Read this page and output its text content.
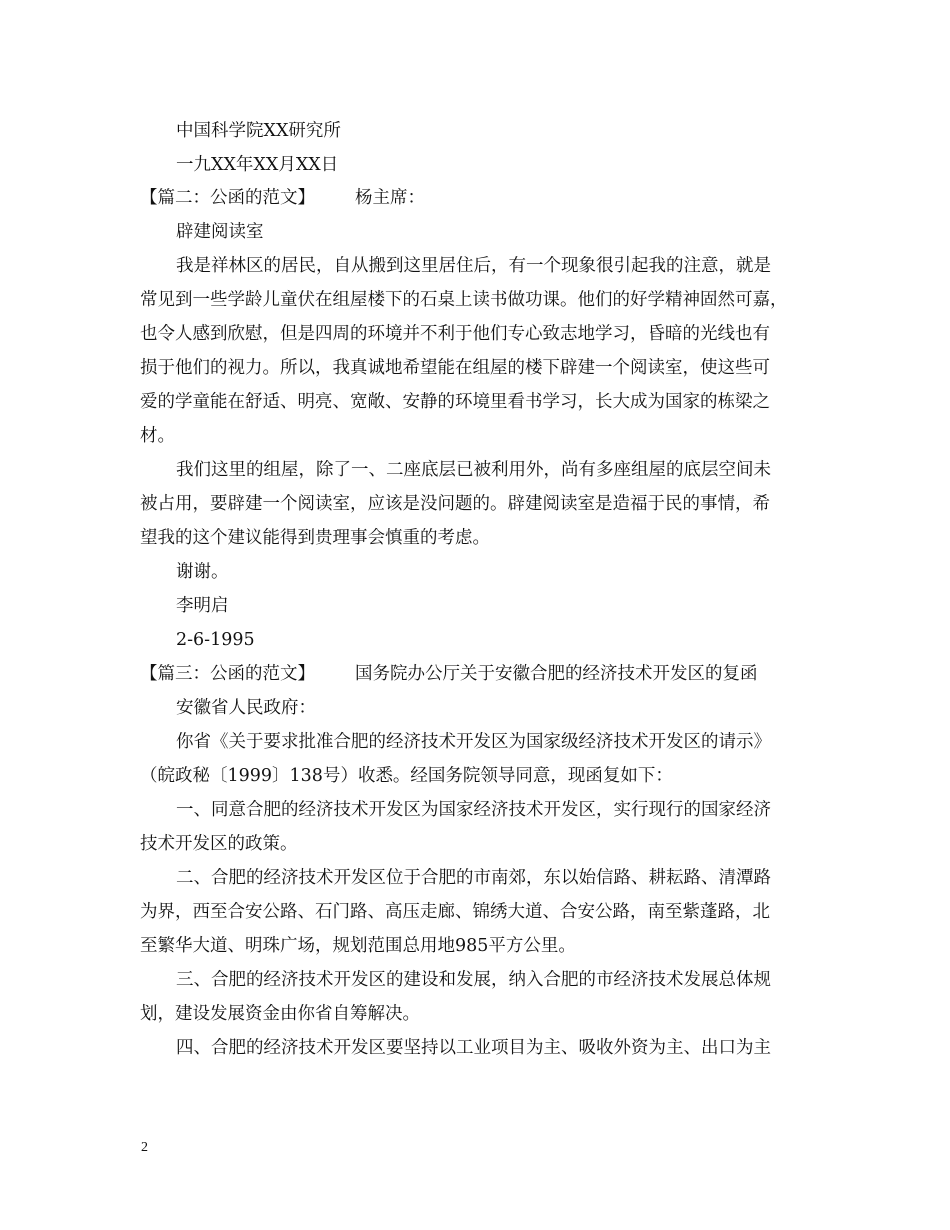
中国科学院XX研究所
一九XX年XX月XX日
【篇二：公函的范文】 杨主席：
辟建阅读室
我是祥林区的居民，自从搬到这里居住后，有一个现象很引起我的注意，就是
常见到一些学龄儿童伏在组屋楼下的石桌上读书做功课。他们的好学精神固然可嘉，
也令人感到欣慰，但是四周的环境并不利于他们专心致志地学习，昏暗的光线也有
损于他们的视力。所以，我真诚地希望能在组屋的楼下辟建一个阅读室，使这些可
爱的学童能在舒适、明亮、宽敞、安静的环境里看书学习，长大成为国家的栋梁之
材。
我们这里的组屋，除了一、二座底层已被利用外，尚有多座组屋的底层空间未
被占用，要辟建一个阅读室，应该是没问题的。辟建阅读室是造福于民的事情，希
望我的这个建议能得到贵理事会慎重的考虑。
谢谢。
李明启
2-6-1995
【篇三：公函的范文】 国务院办公厅关于安徽合肥的经济技术开发区的复函
安徽省人民政府：
你省《关于要求批准合肥的经济技术开发区为国家级经济技术开发区的请示》
（皖政秘〔1999〕138号）收悉。经国务院领导同意，现函复如下：
一、同意合肥的经济技术开发区为国家经济技术开发区，实行现行的国家经济
技术开发区的政策。
二、合肥的经济技术开发区位于合肥的市南郊，东以始信路、耕耘路、清潭路
为界，西至合安公路、石门路、高压走廊、锦绣大道、合安公路，南至紫蓬路，北
至繁华大道、明珠广场，规划范围总用地985平方公里。
三、合肥的经济技术开发区的建设和发展，纳入合肥的市经济技术发展总体规
划，建设发展资金由你省自筹解决。
四、合肥的经济技术开发区要坚持以工业项目为主、吸收外资为主、出口为主
2
